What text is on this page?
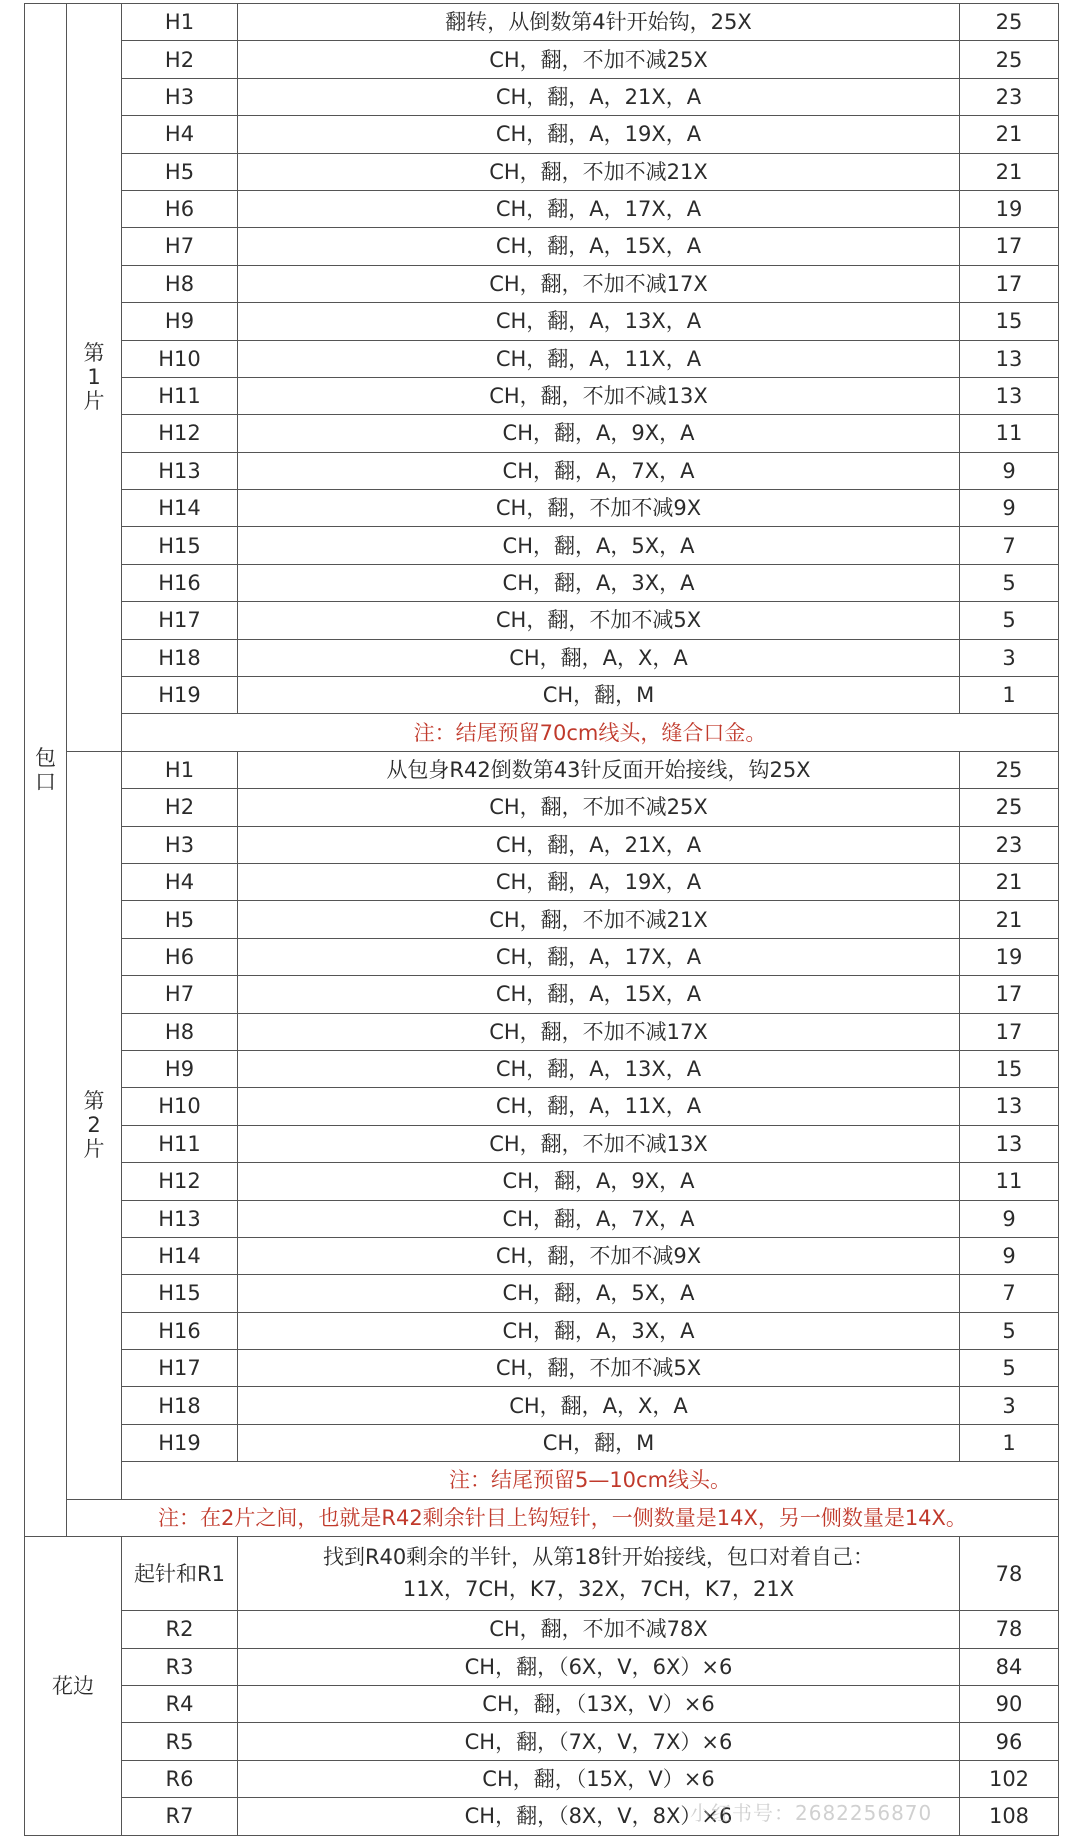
包口	第
1
片	H1	翻转，从倒数第4针开始钩，25X	25
		H2	CH，翻，不加不减25X	25
		H3	CH，翻，A，21X，A	23
		H4	CH，翻，A，19X，A	21
		H5	CH，翻，不加不减21X	21
		H6	CH，翻，A，17X，A	19
		H7	CH，翻，A，15X，A	17
		H8	CH，翻，不加不减17X	17
		H9	CH，翻，A，13X，A	15
		H10	CH，翻，A，11X，A	13
		H11	CH，翻，不加不减13X	13
		H12	CH，翻，A，9X，A	11
		H13	CH，翻，A，7X，A	9
		H14	CH，翻，不加不减9X	9
		H15	CH，翻，A，5X，A	7
		H16	CH，翻，A，3X，A	5
		H17	CH，翻，不加不减5X	5
		H18	CH，翻，A，X，A	3
		H19	CH，翻，M	1
		注：结尾预留70cm线头，缝合口金。		

	第
2
片	H1	从包身R42倒数第43针反面开始接线，钩25X	25
		H2	CH，翻，不加不减25X	25
		H3	CH，翻，A，21X，A	23
		H4	CH，翻，A，19X，A	21
		H5	CH，翻，不加不减21X	21
		H6	CH，翻，A，17X，A	19
		H7	CH，翻，A，15X，A	17
		H8	CH，翻，不加不减17X	17
		H9	CH，翻，A，13X，A	15
		H10	CH，翻，A，11X，A	13
		H11	CH，翻，不加不减13X	13
		H12	CH，翻，A，9X，A	11
		H13	CH，翻，A，7X，A	9
		H14	CH，翻，不加不减9X	9
		H15	CH，翻，A，5X，A	7
		H16	CH，翻，A，3X，A	5
		H17	CH，翻，不加不减5X	5
		H18	CH，翻，A，X，A	3
		H19	CH，翻，M	1
		注：结尾预留5—10cm线头。		
	注：在2片之间，也就是R42剩余针目上钩短针，一侧数量是14X，另一侧数量是14X。			
花边		起针和R1	找到R40剩余的半针，从第18针开始接线，包口对着自己：
11X，7CH，K7，32X，7CH，K7，21X	78
		R2	CH，翻，不加不减78X	78
		R3	CH，翻，（6X，V，6X）×6	84
		R4	CH，翻，（13X，V）×6	90
		R5	CH，翻，（7X，V，7X）×6	96
		R6	CH，翻，（15X，V）×6	102
		R7	CH，翻，（8X，V，8X）×6	108
小红书号：2682256870
